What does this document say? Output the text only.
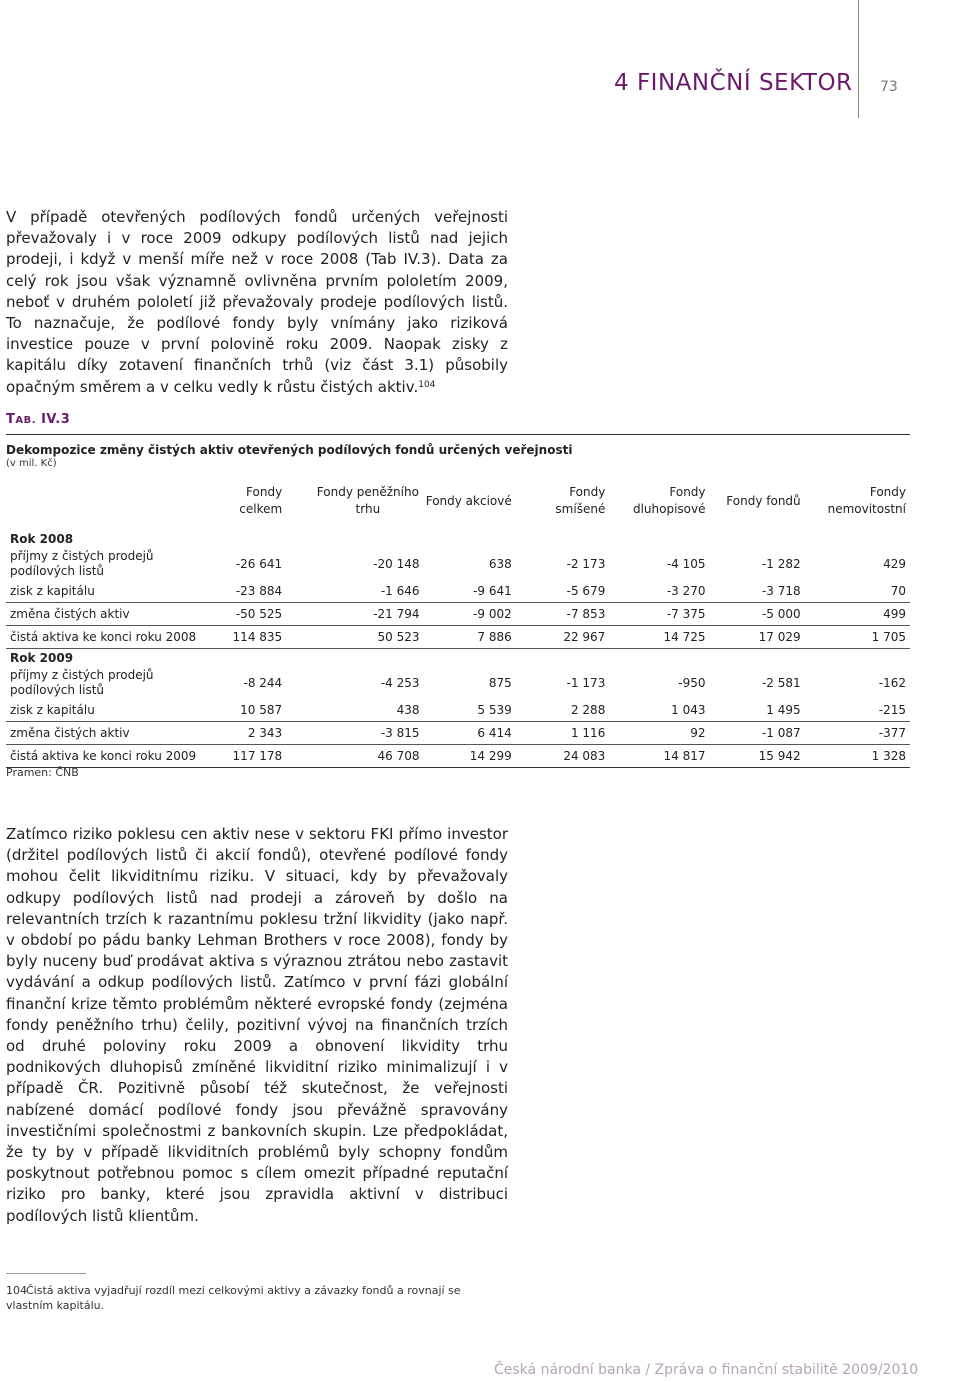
4 FINANČNÍ SEKTOR 73

V případě otevřených podílových fondů určených veřejnosti převažovaly i v roce 2009 odkupy podílových listů nad jejich prodeji, i když v menší míře než v roce 2008 (Tab IV.3). Data za celý rok jsou však významně ovlivněna prvním pololetím 2009, neboť v druhém pololetí již převažovaly prodeje podílových listů. To naznačuje, že podílové fondy byly vnímány jako riziková investice pouze v první polovině roku 2009. Naopak zisky z kapitálu díky zotavení finančních trhů (viz část 3.1) působily opačným směrem a v celku vedly k růstu čistých aktiv.$^{104}$

TAB. IV.3
Dekompozice změny čistých aktiv otevřených podílových fondů určených veřejnosti
(v mil. Kč)
	Fondy celkem	Fondy peněžního trhu	Fondy akciové	Fondy smíšené	Fondy dluhopisové	Fondy fondů	Fondy nemovitostní
Rok 2008							
příjmy z čistých prodejů podílových listů	-26 641	-20 148	638	-2 173	-4 105	-1 282	429
zisk z kapitálu	-23 884	-1 646	-9 641	-5 679	-3 270	-3 718	70
změna čistých aktiv	-50 525	-21 794	-9 002	-7 853	-7 375	-5 000	499
čistá aktiva ke konci roku 2008	114 835	50 523	7 886	22 967	14 725	17 029	1 705
Rok 2009							
příjmy z čistých prodejů podílových listů	-8 244	-4 253	875	-1 173	-950	-2 581	-162
zisk z kapitálu	10 587	438	5 539	2 288	1 043	1 495	-215
změna čistých aktiv	2 343	-3 815	6 414	1 116	92	-1 087	-377
čistá aktiva ke konci roku 2009	117 178	46 708	14 299	24 083	14 817	15 942	1 328
Pramen: ČNB

Zatímco riziko poklesu cen aktiv nese v sektoru FKI přímo investor (držitel podílových listů či akcií fondů), otevřené podílové fondy mohou čelit likviditnímu riziku. V situaci, kdy by převažovaly odkupy podílových listů nad prodeji a zároveň by došlo na relevantních trzích k razantnímu poklesu tržní likvidity (jako např. v období po pádu banky Lehman Brothers v roce 2008), fondy by byly nuceny buď prodávat aktiva s výraznou ztrátou nebo zastavit vydávání a odkup podílových listů. Zatímco v první fázi globální finanční krize těmto problémům některé evropské fondy (zejména fondy peněžního trhu) čelily, pozitivní vývoj na finančních trzích od druhé poloviny roku 2009 a obnovení likvidity trhu podnikových dluhopisů zmíněné likviditní riziko minimalizují i v případě ČR. Pozitivně působí též skutečnost, že veřejnosti nabízené domácí podílové fondy jsou převážně spravovány investičními společnostmi z bankovních skupin. Lze předpokládat, že ty by v případě likviditních problémů byly schopny fondům poskytnout potřebnou pomoc s cílem omezit případné reputační riziko pro banky, které jsou zpravidla aktivní v distribuci podílových listů klientům.

104Čistá aktiva vyjadřují rozdíl mezi celkovými aktivy a závazky fondů a rovnají se vlastním kapitálu.
Česká národní banka / Zpráva o finanční stabilitě 2009/2010
